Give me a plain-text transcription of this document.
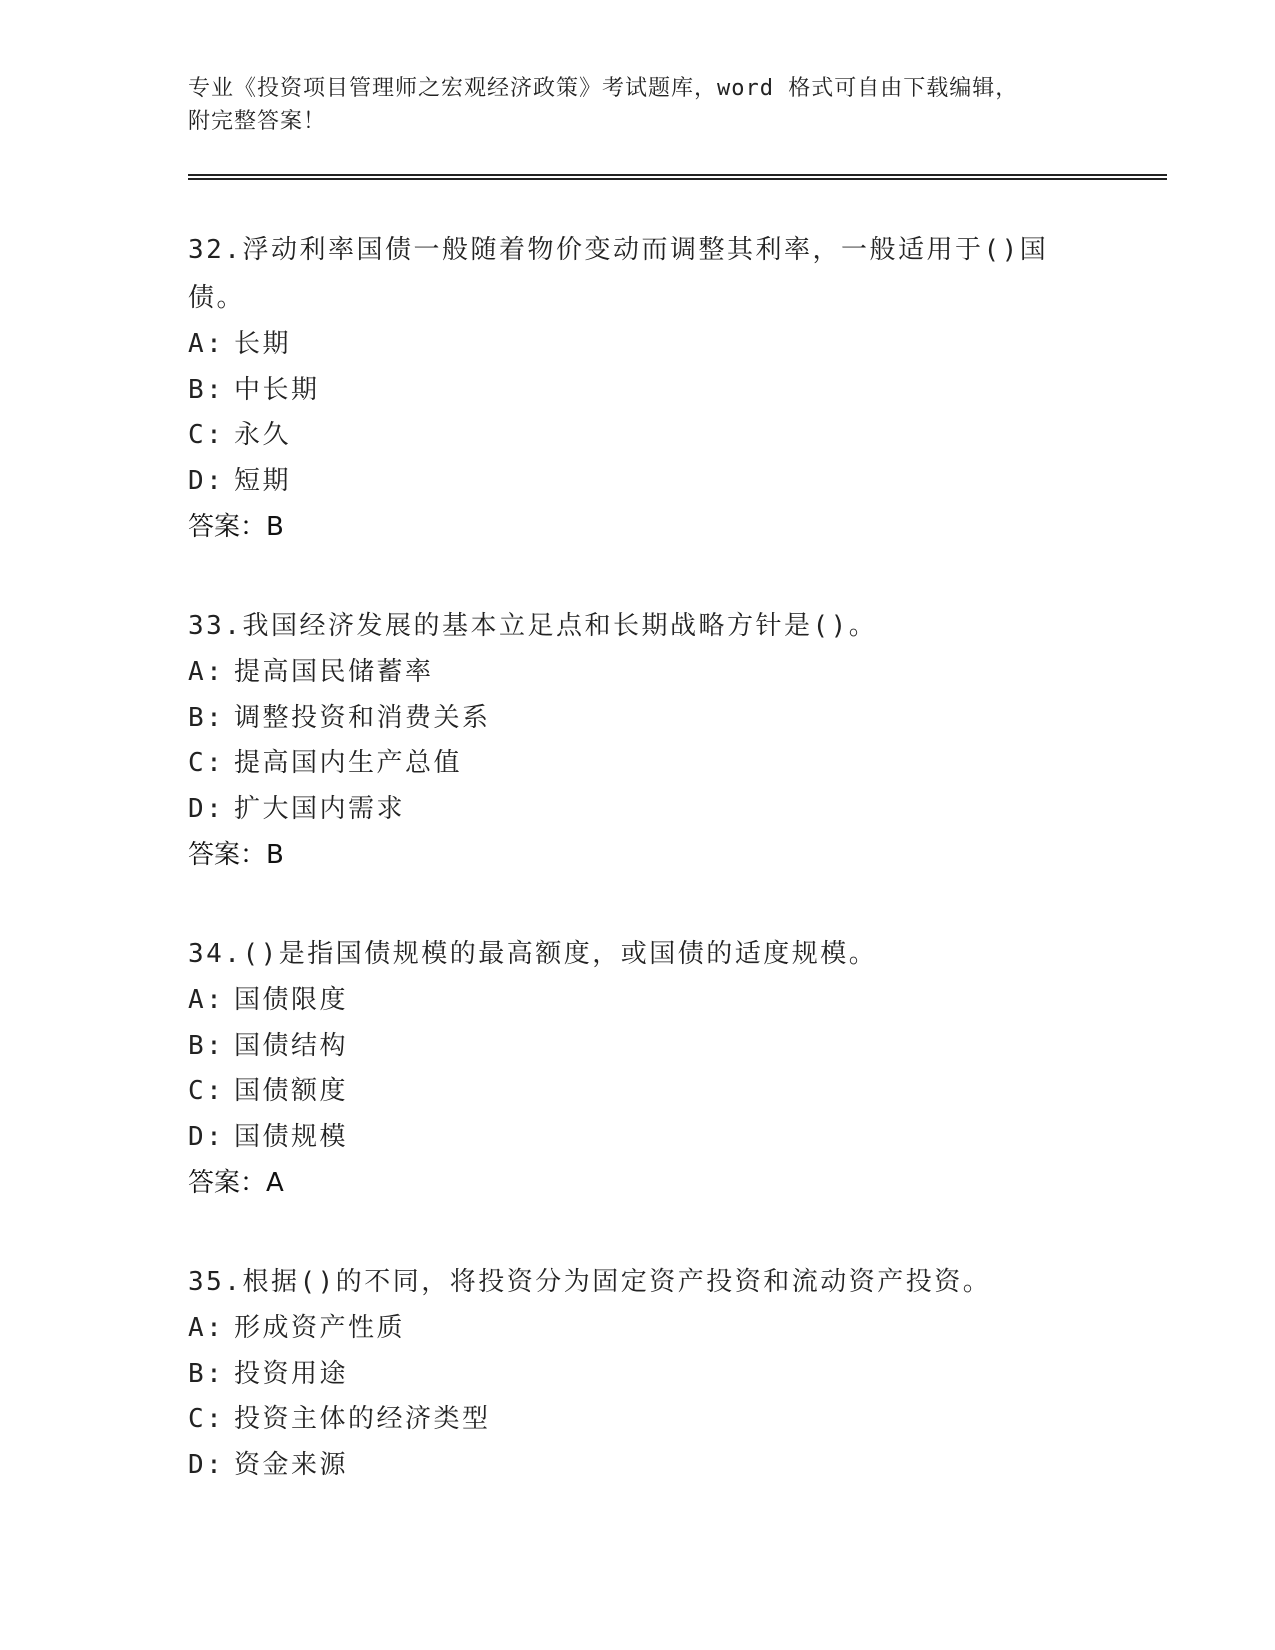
专业《投资项目管理师之宏观经济政策》考试题库，word 格式可自由下载编辑，

附完整答案！

32.浮动利率国债一般随着物价变动而调整其利率，一般适用于()国债。

A: 长期

B: 中长期

C: 永久

D: 短期

答案：B

33.我国经济发展的基本立足点和长期战略方针是()。

A: 提高国民储蓄率

B: 调整投资和消费关系

C: 提高国内生产总值

D: 扩大国内需求

答案：B

34.()是指国债规模的最高额度，或国债的适度规模。

A: 国债限度

B: 国债结构

C: 国债额度

D: 国债规模

答案：A

35.根据()的不同，将投资分为固定资产投资和流动资产投资。

A: 形成资产性质

B: 投资用途

C: 投资主体的经济类型

D: 资金来源
